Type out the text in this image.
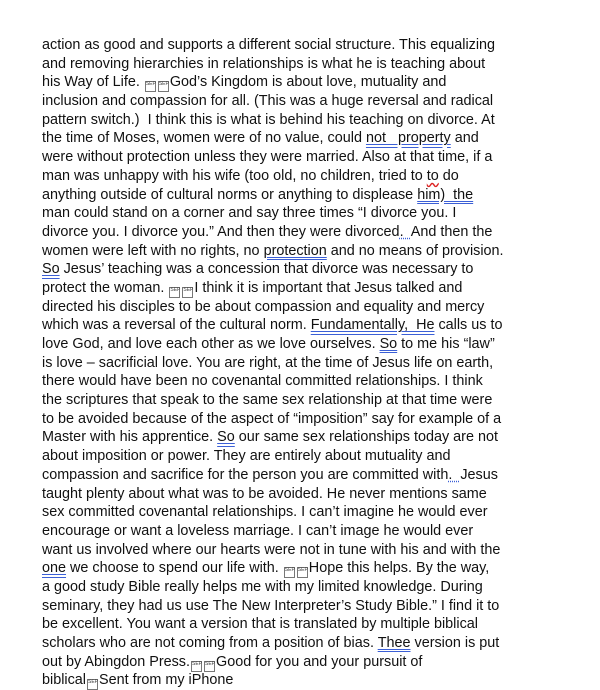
action as good and supports a different social structure. This equalizing
and removing hierarchies in relationships is what he is teaching about
his Way of Life. SEP SEPGod’s Kingdom is about love, mutuality and
inclusion and compassion for all. (This was a huge reversal and radical
pattern switch.)  I think this is what is behind his teaching on divorce. At
the time of Moses, women were of no value, could not   property and
were without protection unless they were married. Also at that time, if a
man was unhappy with his wife (too old, no children, tried to to do
anything outside of cultural norms or anything to displease him)  the
man could stand on a corner and say three times “I divorce you. I
divorce you. I divorce you.” And then they were divorced.  And then the
women were left with no rights, no protection and no means of provision.
So Jesus’ teaching was a concession that divorce was necessary to
protect the woman. SEP SEPI think it is important that Jesus talked and
directed his disciples to be about compassion and equality and mercy
which was a reversal of the cultural norm. Fundamentally,  He calls us to
love God, and love each other as we love ourselves. So to me his “law”
is love – sacrificial love. You are right, at the time of Jesus life on earth,
there would have been no covenantal committed relationships. I think
the scriptures that speak to the same sex relationship at that time were
to be avoided because of the aspect of “imposition” say for example of a
Master with his apprentice. So our same sex relationships today are not
about imposition or power. They are entirely about mutuality and
compassion and sacrifice for the person you are committed with.  Jesus
taught plenty about what was to be avoided. He never mentions same
sex committed covenantal relationships. I can’t imagine he would ever
encourage or want a loveless marriage. I can’t image he would ever
want us involved where our hearts were not in tune with his and with the
one we choose to spend our life with. SEP SEPHope this helps. By the way,
a good study Bible really helps me with my limited knowledge. During
seminary, they had us use The New Interpreter’s Study Bible.” I find it to
be excellent. You want a version that is translated by multiple biblical
scholars who are not coming from a position of bias. Thee version is put
out by Abingdon Press. SEP SEPGood for you and your pursuit of
biblical SEPSent from my iPhone
